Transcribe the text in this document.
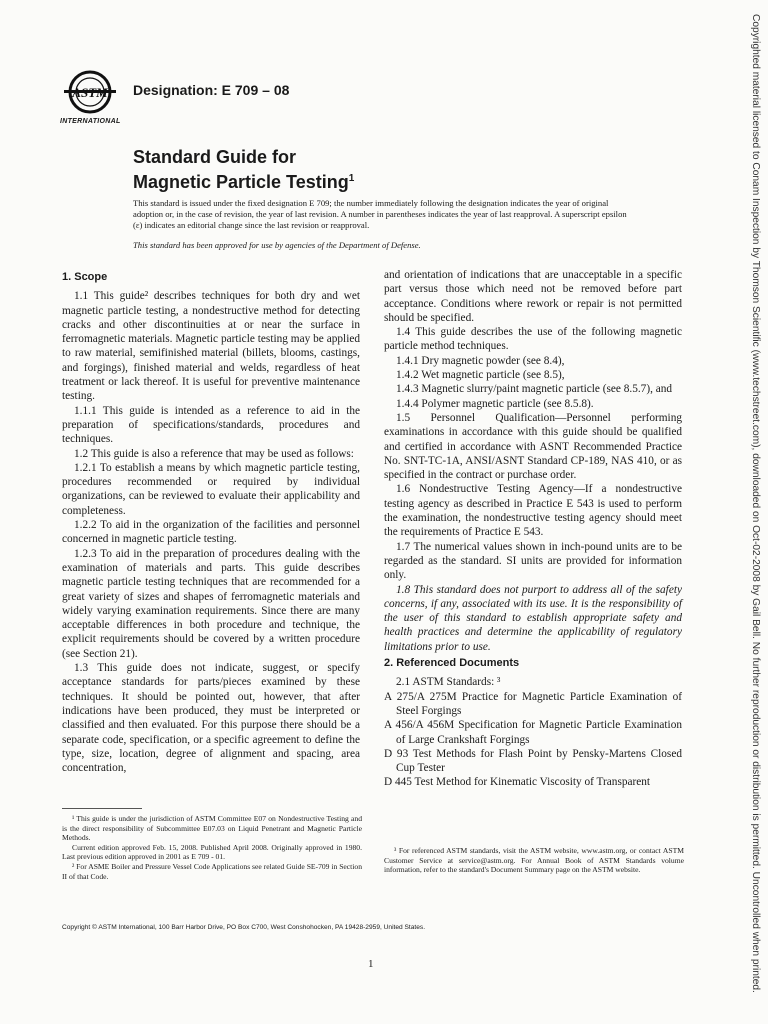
INTERNATIONAL
Designation: E 709 – 08
Standard Guide for
Magnetic Particle Testing$^1$
This standard is issued under the fixed designation E 709; the number immediately following the designation indicates the year of original adoption or, in the case of revision, the year of last revision. A number in parentheses indicates the year of last reapproval. A superscript epsilon (ε) indicates an editorial change since the last revision or reapproval.
This standard has been approved for use by agencies of the Department of Defense.

1. Scope

1.1 This guide² describes techniques for both dry and wet magnetic particle testing, a nondestructive method for detecting cracks and other discontinuities at or near the surface in ferromagnetic materials. Magnetic particle testing may be applied to raw material, semifinished material (billets, blooms, castings, and forgings), finished material and welds, regardless of heat treatment or lack thereof. It is useful for preventive maintenance testing.

1.1.1 This guide is intended as a reference to aid in the preparation of specifications/standards, procedures and techniques.

1.2 This guide is also a reference that may be used as follows:

1.2.1 To establish a means by which magnetic particle testing, procedures recommended or required by individual organizations, can be reviewed to evaluate their applicability and completeness.

1.2.2 To aid in the organization of the facilities and personnel concerned in magnetic particle testing.

1.2.3 To aid in the preparation of procedures dealing with the examination of materials and parts. This guide describes magnetic particle testing techniques that are recommended for a great variety of sizes and shapes of ferromagnetic materials and widely varying examination requirements. Since there are many acceptable differences in both procedure and technique, the explicit requirements should be covered by a written procedure (see Section 21).

1.3 This guide does not indicate, suggest, or specify acceptance standards for parts/pieces examined by these techniques. It should be pointed out, however, that after indications have been produced, they must be interpreted or classified and then evaluated. For this purpose there should be a separate code, specification, or a specific agreement to define the type, size, location, degree of alignment and spacing, area concentration,

and orientation of indications that are unacceptable in a specific part versus those which need not be removed before part acceptance. Conditions where rework or repair is not permitted should be specified.

1.4 This guide describes the use of the following magnetic particle method techniques.

1.4.1 Dry magnetic powder (see 8.4),

1.4.2 Wet magnetic particle (see 8.5),

1.4.3 Magnetic slurry/paint magnetic particle (see 8.5.7), and

1.4.4 Polymer magnetic particle (see 8.5.8).

1.5 Personnel Qualification—Personnel performing examinations in accordance with this guide should be qualified and certified in accordance with ASNT Recommended Practice No. SNT-TC-1A, ANSI/ASNT Standard CP-189, NAS 410, or as specified in the contract or purchase order.

1.6 Nondestructive Testing Agency—If a nondestructive testing agency as described in Practice E 543 is used to perform the examination, the nondestructive testing agency should meet the requirements of Practice E 543.

1.7 The numerical values shown in inch-pound units are to be regarded as the standard. SI units are provided for information only.

1.8 This standard does not purport to address all of the safety concerns, if any, associated with its use. It is the responsibility of the user of this standard to establish appropriate safety and health practices and determine the applicability of regulatory limitations prior to use.

2. Referenced Documents

2.1 ASTM Standards: ³

A 275/A 275M Practice for Magnetic Particle Examination of Steel Forgings

A 456/A 456M Specification for Magnetic Particle Examination of Large Crankshaft Forgings

D 93 Test Methods for Flash Point by Pensky-Martens Closed Cup Tester

D 445 Test Method for Kinematic Viscosity of Transparent

¹ This guide is under the jurisdiction of ASTM Committee E07 on Nondestructive Testing and is the direct responsibility of Subcommittee E07.03 on Liquid Penetrant and Magnetic Particle Methods.

Current edition approved Feb. 15, 2008. Published April 2008. Originally approved in 1980. Last previous edition approved in 2001 as E 709 - 01.

² For ASME Boiler and Pressure Vessel Code Applications see related Guide SE-709 in Section II of that Code.

³ For referenced ASTM standards, visit the ASTM website, www.astm.org, or contact ASTM Customer Service at service@astm.org. For Annual Book of ASTM Standards volume information, refer to the standard's Document Summary page on the ASTM website.

Copyright © ASTM International, 100 Barr Harbor Drive, PO Box C700, West Conshohocken, PA 19428-2959, United States.
1	Copyrighted material licensed to Conam Inspection by Thomson Scientific (www.techstreet.com), downloaded on Oct-02-2008 by Gail Bell. No further reproduction or distribution is permitted. Uncontrolled when printed.
